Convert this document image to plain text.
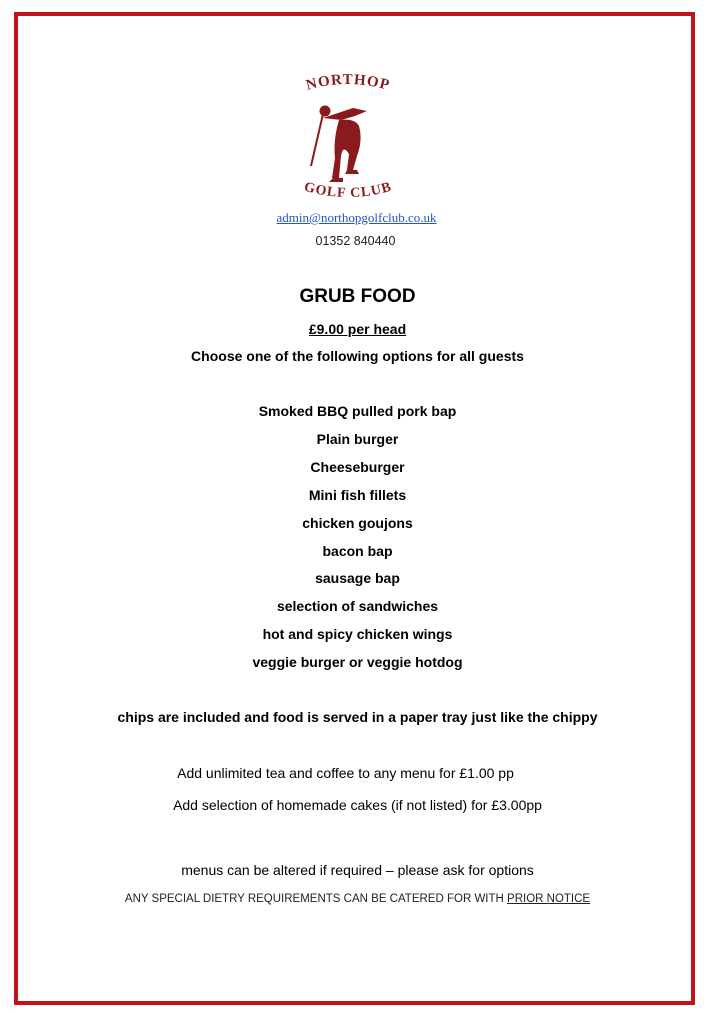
NORTHOP
GOLF CLUB
admin@northopgolfclub.co.uk
01352 840440
GRUB FOOD
£9.00 per head
Choose one of the following options for all guests
Smoked BBQ pulled pork bap
Plain burger
Cheeseburger
Mini fish fillets
chicken goujons
bacon bap
sausage bap
selection of sandwiches
hot and spicy chicken wings
veggie burger or veggie hotdog
chips are included and food is served in a paper tray just like the chippy
Add unlimited tea and coffee to any menu for £1.00 pp
Add selection of homemade cakes (if not listed) for £3.00pp
menus can be altered if required – please ask for options
ANY SPECIAL DIETRY REQUIREMENTS CAN BE CATERED FOR WITH PRIOR NOTICE
